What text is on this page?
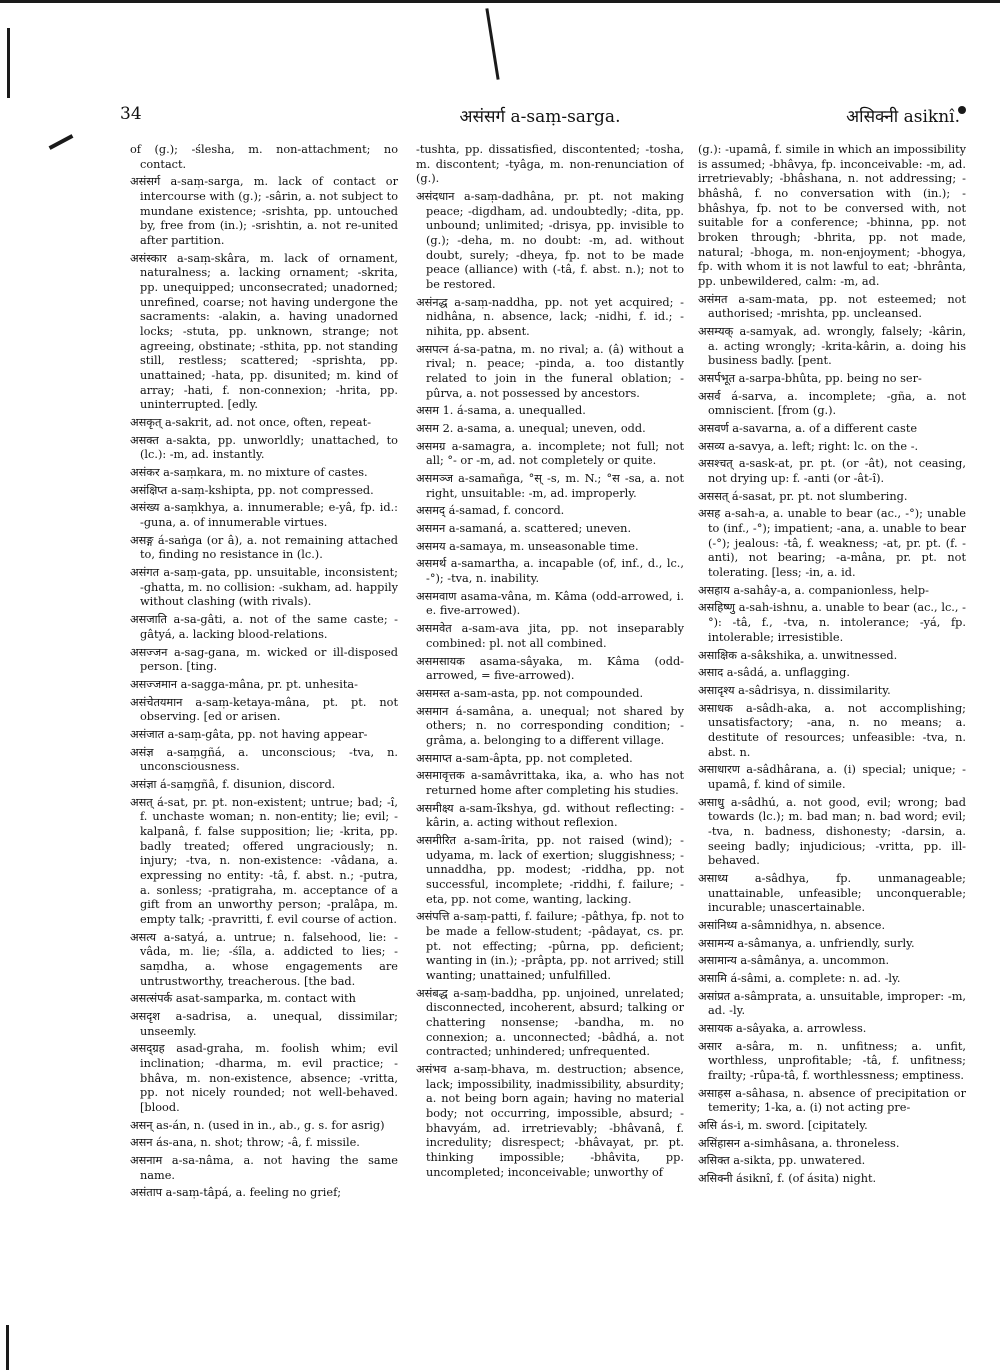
34	असंसर्ग a-saṃ-sarga.	असिक्नी asiknî.

of (g.); -ślesha, m. non-attachment; no contact.

असंसर्ग a-saṃ-sarga, m. lack of contact or intercourse with (g.); -sârin, a. not subject to mundane existence; -srishta, pp. untouched by, free from (in.); -srishtin, a. not re-united after partition.

असंस्कार a-saṃ-skâra, m. lack of ornament, naturalness; a. lacking ornament; -skrita, pp. unequipped; unconsecrated; unadorned; unrefined, coarse; not having undergone the sacraments: -alakin, a. having unadorned locks; -stuta, pp. unknown, strange; not agreeing, obstinate; -sthita, pp. not standing still, restless; scattered; -sprishta, pp. unattained; -hata, pp. disunited; m. kind of array; -hati, f. non-connexion; -hrita, pp. uninterrupted. [edly.

असकृत् a-sakrit, ad. not once, often, repeat-

असक्त a-sakta, pp. unworldly; unattached, to (lc.): -m, ad. instantly.

असंकर a-saṃkara, m. no mixture of castes.

असंक्षिप्त a-saṃ-kshipta, pp. not compressed.

असंख्य a-saṃkhya, a. innumerable; e-yâ, fp. id.: -guna, a. of innumerable virtues.

असङ्ग á-saṅga (or â), a. not remaining attached to, finding no resistance in (lc.).

असंगत a-saṃ-gata, pp. unsuitable, inconsistent; -ghatta, m. no collision: -sukham, ad. happily without clashing (with rivals).

असजाति a-sa-gâti, a. not of the same caste; -gâtyá, a. lacking blood-relations.

असज्जन a-sag-gana, m. wicked or ill-disposed person. [ting.

असज्जमान a-sagga-mâna, pr. pt. unhesita-

असंचेतयमान a-saṃ-ketaya-mâna, pt. pt. not observing. [ed or arisen.

असंजात a-saṃ-gâta, pp. not having appear-

असंज्ञ a-saṃgñá, a. unconscious; -tva, n. unconsciousness.

असंज्ञा á-saṃgñâ, f. disunion, discord.

असत् á-sat, pr. pt. non-existent; untrue; bad; -î, f. unchaste woman; n. non-entity; lie; evil; -kalpanâ, f. false supposition; lie; -krita, pp. badly treated; offered ungraciously; n. injury; -tva, n. non-existence: -vâdana, a. expressing no entity: -tâ, f. abst. n.; -putra, a. sonless; -pratigraha, m. acceptance of a gift from an unworthy person; -pralâpa, m. empty talk; -pravritti, f. evil course of action.

असत्य a-satyá, a. untrue; n. falsehood, lie: -vâda, m. lie; -śîla, a. addicted to lies; -saṃdha, a. whose engagements are untrustworthy, treacherous. [the bad.

असत्संपर्क asat-samparka, m. contact with

असदृश a-sadrisa, a. unequal, dissimilar; unseemly.

असद्ग्रह asad-graha, m. foolish whim; evil inclination; -dharma, m. evil practice; -bhâva, m. non-existence, absence; -vritta, pp. not nicely rounded; not well-behaved. [blood.

असन् as-án, n. (used in in., ab., g. s. for asrig)

असन ás-ana, n. shot; throw; -â, f. missile.

असनाम a-sa-nâma, a. not having the same name.

असंताप a-saṃ-tâpá, a. feeling no grief;

-tushta, pp. dissatisfied, discontented; -tosha, m. discontent; -tyâga, m. non-renunciation of (g.).

असंदधान a-saṃ-dadhâna, pr. pt. not making peace; -digdham, ad. undoubtedly; -dita, pp. unbound; unlimited; -drisya, pp. invisible to (g.); -deha, m. no doubt: -m, ad. without doubt, surely; -dheya, fp. not to be made peace (alliance) with (-tâ, f. abst. n.); not to be restored.

असंनद्ध a-saṃ-naddha, pp. not yet acquired; -nidhâna, n. absence, lack; -nidhi, f. id.; -nihita, pp. absent.

असपत्न á-sa-patna, m. no rival; a. (â) without a rival; n. peace; -pinda, a. too distantly related to join in the funeral oblation; -pûrva, a. not possessed by ancestors.

असम 1. á-sama, a. unequalled.

असम 2. a-sama, a. unequal; uneven, odd.

असमग्र a-samagra, a. incomplete; not full; not all; °- or -m, ad. not completely or quite.

असमञ्ज a-samañga, °स्‌ -s, m. N.; °स -sa, a. not right, unsuitable: -m, ad. improperly.

असमद् á-samad, f. concord.

असमन a-samaná, a. scattered; uneven.

असमय a-samaya, m. unseasonable time.

असमर्थ a-samartha, a. incapable (of, inf., d., lc., -°); -tva, n. inability.

असमवाण asama-vâna, m. Kâma (odd-arrowed, i. e. five-arrowed).

असमवेत a-sam-ava jita, pp. not inseparably combined: pl. not all combined.

असमसायक asama-sâyaka, m. Kâma (odd-arrowed, = five-arrowed).

असमस्त a-sam-asta, pp. not compounded.

असमान á-samâna, a. unequal; not shared by others; n. no corresponding condition; -grâma, a. belonging to a different village.

असमाप्त a-sam-âpta, pp. not completed.

असमावृत्तक a-samâvrittaka, ika, a. who has not returned home after completing his studies.

असमीक्ष्य a-sam-îkshya, gd. without reflecting: -kârin, a. acting without reflexion.

असमीरित a-sam-îrita, pp. not raised (wind); -udyama, m. lack of exertion; sluggishness; -unnaddha, pp. modest; -riddha, pp. not successful, incomplete; -riddhi, f. failure; -eta, pp. not come, wanting, lacking.

असंपत्ति a-saṃ-patti, f. failure; -pâthya, fp. not to be made a fellow-student; -pâdayat, cs. pr. pt. not effecting; -pûrna, pp. deficient; wanting in (in.); -prâpta, pp. not arrived; still wanting; unattained; unfulfilled.

असंबद्ध a-saṃ-baddha, pp. unjoined, unrelated; disconnected, incoherent, absurd; talking or chattering nonsense; -bandha, m. no connexion; a. unconnected; -bâdhá, a. not contracted; unhindered; unfrequented.

असंभव a-saṃ-bhava, m. destruction; absence, lack; impossibility, inadmissibility, absurdity; a. not being born again; having no material body; not occurring, impossible, absurd; -bhavyám, ad. irretrievably; -bhâvanâ, f. incredulity; disrespect; -bhâvayat, pr. pt. thinking impossible; -bhâvita, pp. uncompleted; inconceivable; unworthy of

(g.): -upamâ, f. simile in which an impossibility is assumed; -bhâvya, fp. inconceivable: -m, ad. irretrievably; -bhâshana, n. not addressing; -bhâshâ, f. no conversation with (in.); -bhâshya, fp. not to be conversed with, not suitable for a conference; -bhinna, pp. not broken through; -bhrita, pp. not made, natural; -bhoga, m. non-enjoyment; -bhogya, fp. with whom it is not lawful to eat; -bhrânta, pp. unbewildered, calm: -m, ad.

असंमत a-sam-mata, pp. not esteemed; not authorised; -mrishta, pp. uncleansed.

असम्यक् a-samyak, ad. wrongly, falsely; -kârin, a. acting wrongly; -krita-kârin, a. doing his business badly. [pent.

असर्पभूत a-sarpa-bhûta, pp. being no ser-

असर्व á-sarva, a. incomplete; -gña, a. not omniscient. [from (g.).

असवर्ण a-savarna, a. of a different caste

असव्य a-savya, a. left; right: lc. on the -.

असश्चत् a-sask-at, pr. pt. (or -ât), not ceasing, not drying up: f. -anti (or -ât-î).

अससत् á-sasat, pr. pt. not slumbering.

असह a-sah-a, a. unable to bear (ac., -°); unable to (inf., -°); impatient; -ana, a. unable to bear (-°); jealous: -tâ, f. weakness; -at, pr. pt. (f. -anti), not bearing; -a-mâna, pr. pt. not tolerating. [less; -in, a. id.

असहाय a-sahây-a, a. companionless, help-

असहिष्णु a-sah-ishnu, a. unable to bear (ac., lc., -°): -tâ, f., -tva, n. intolerance; -yá, fp. intolerable; irresistible.

असाक्षिक a-sâkshika, a. unwitnessed.

असाद a-sâdá, a. unflagging.

असादृश्य a-sâdrisya, n. dissimilarity.

असाधक a-sâdh-aka, a. not accomplishing; unsatisfactory; -ana, n. no means; a. destitute of resources; unfeasible: -tva, n. abst. n.

असाधारण a-sâdhârana, a. (i) special; unique; -upamâ, f. kind of simile.

असाधु a-sâdhú, a. not good, evil; wrong; bad towards (lc.); m. bad man; n. bad word; evil; -tva, n. badness, dishonesty; -darsin, a. seeing badly; injudicious; -vritta, pp. ill-behaved.

असाध्य a-sâdhya, fp. unmanageable; unattainable, unfeasible; unconquerable; incurable; unascertainable.

असांनिध्य a-sâmnidhya, n. absence.

असामन्य a-sâmanya, a. unfriendly, surly.

असामान्य a-sâmânya, a. uncommon.

असामि á-sâmi, a. complete: n. ad. -ly.

असांप्रत a-sâmprata, a. unsuitable, improper: -m, ad. -ly.

असायक a-sâyaka, a. arrowless.

असार a-sâra, m. n. unfitness; a. unfit, worthless, unprofitable; -tâ, f. unfitness; frailty; -rûpa-tâ, f. worthlessness; emptiness.

असाहस a-sâhasa, n. absence of precipitation or temerity; 1-ka, a. (i) not acting pre-

असि ás-i, m. sword. [cipitately.

असिंहासन a-simhâsana, a. throneless.

असिक्त a-sikta, pp. unwatered.

असिक्नी ásiknî, f. (of ásita) night.
